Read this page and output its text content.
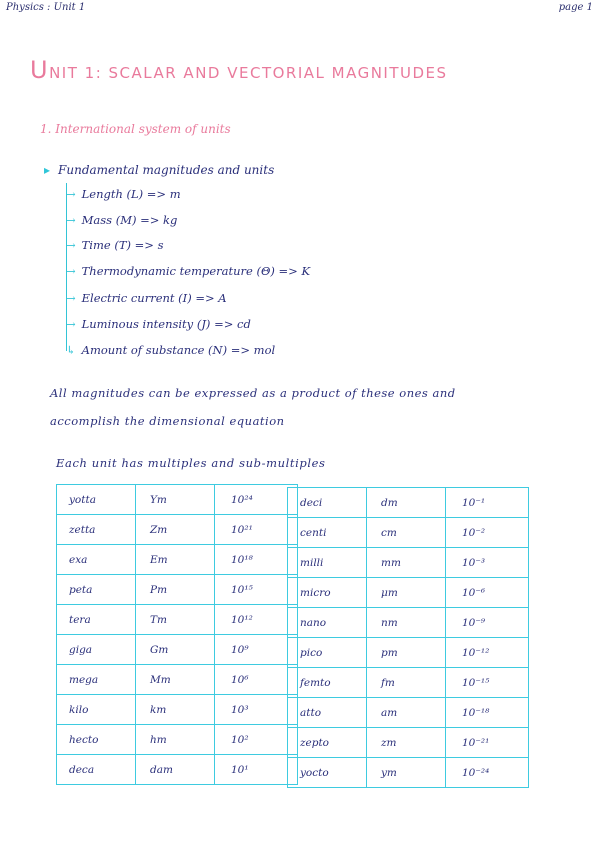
Physics : Unit 1	page 1
UNIT 1: SCALAR AND VECTORIAL MAGNITUDES
1. International system of units
▸ Fundamental magnitudes and units
→ Length (L) => m
→ Mass (M) => kg
→ Time (T) => s
→ Thermodynamic temperature (Θ) => K
→ Electric current (I) => A
→ Luminous intensity (J) => cd
↳ Amount of substance (N) => mol
All magnitudes can be expressed as a product of these ones and
accomplish the dimensional equation
Each unit has multiples and sub-multiples
yotta	Ym	10²⁴
zetta	Zm	10²¹
exa	Em	10¹⁸
peta	Pm	10¹⁵
tera	Tm	10¹²
giga	Gm	10⁹
mega	Mm	10⁶
kilo	km	10³
hecto	hm	10²
deca	dam	10¹
deci	dm	10⁻¹
centi	cm	10⁻²
milli	mm	10⁻³
micro	μm	10⁻⁶
nano	nm	10⁻⁹
pico	pm	10⁻¹²
femto	fm	10⁻¹⁵
atto	am	10⁻¹⁸
zepto	zm	10⁻²¹
yocto	ym	10⁻²⁴
